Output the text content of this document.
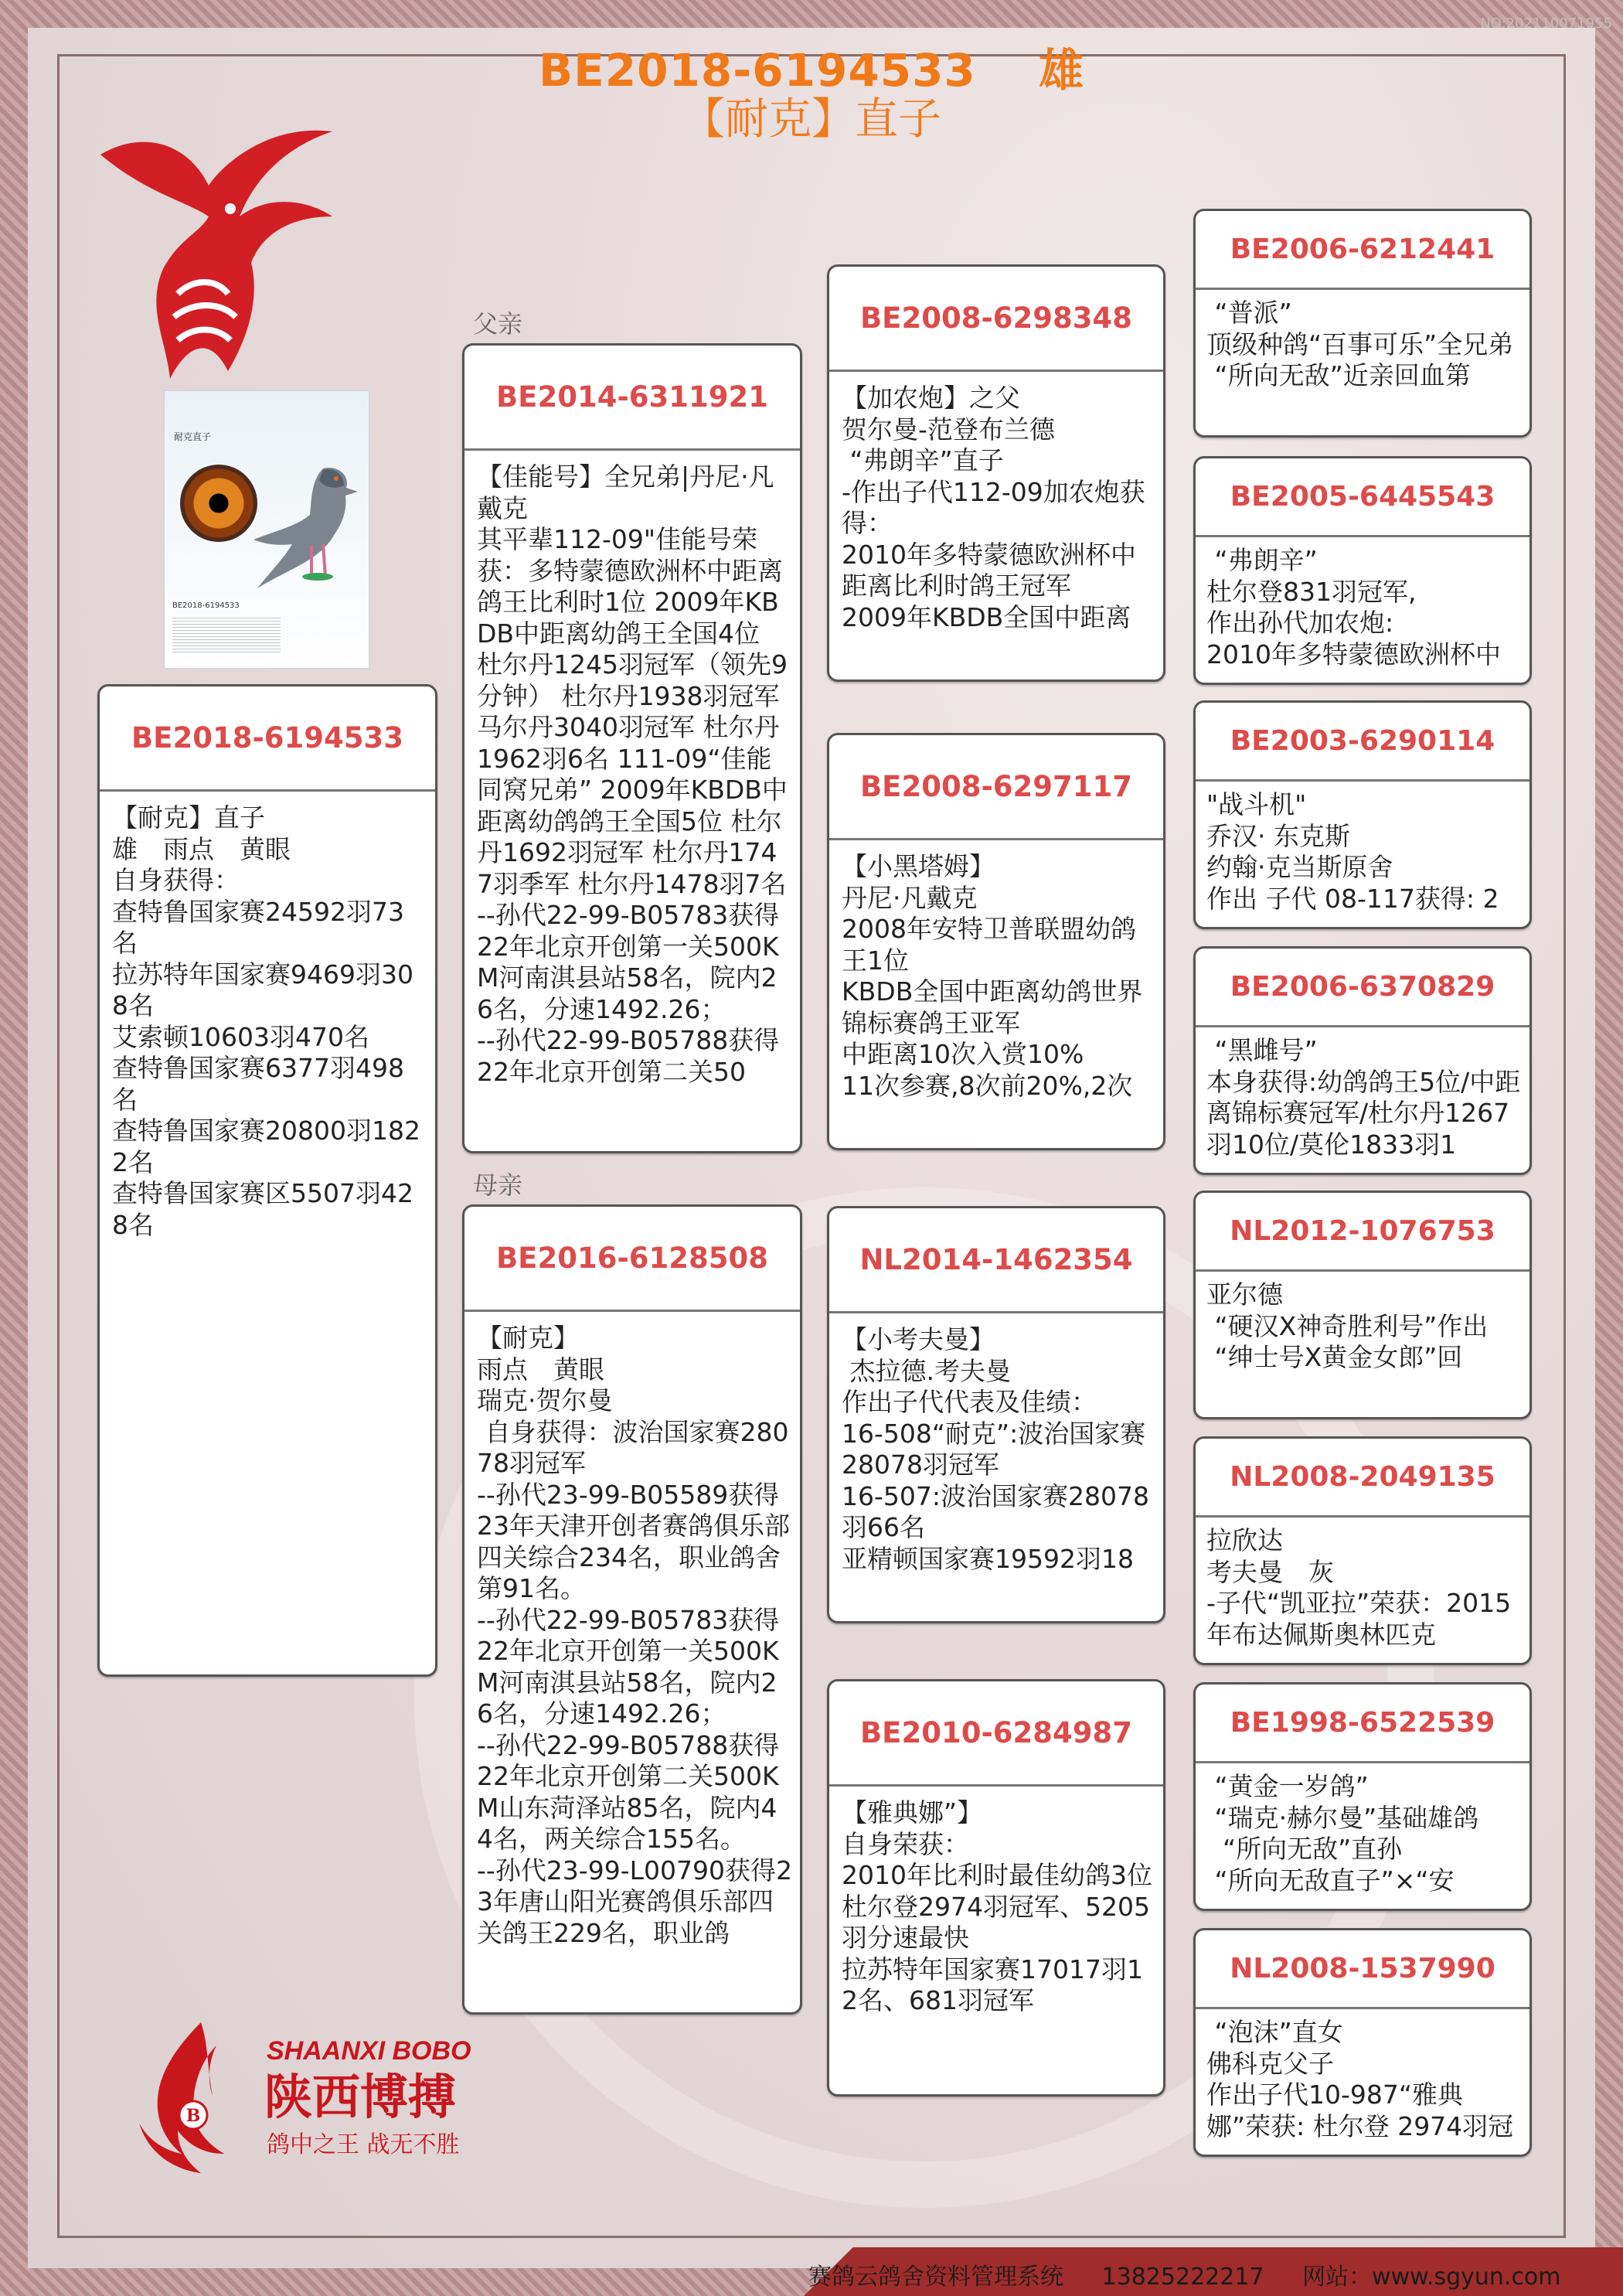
NO:202110071955
BE2018-6194533 雄
【耐克】直子
耐克直子
BE2018-6194533
父亲
母亲
BE2018-6194533
【耐克】直子
雄　雨点　黄眼
自身获得：
查特鲁国家赛24592羽73名
拉苏特年国家赛9469羽308名
艾索顿10603羽470名
查特鲁国家赛6377羽498名
查特鲁国家赛20800羽1822名
查特鲁国家赛区5507羽428名
BE2014-6311921
【佳能号】全兄弟|丹尼·凡戴克
其平辈112-09"佳能号荣获：多特蒙德欧洲杯中距离鸽王比利时1位 2009年KBDB中距离幼鸽王全国4位 杜尔丹1245羽冠军（领先9分钟） 杜尔丹1938羽冠军 马尔丹3040羽冠军 杜尔丹1962羽6名 111-09“佳能同窝兄弟” 2009年KBDB中距离幼鸽鸽王全国5位 杜尔丹1692羽冠军 杜尔丹1747羽季军 杜尔丹1478羽7名
--孙代22-99-B05783获得22年北京开创第一关500KM河南淇县站58名，院内26名，分速1492.26；
--孙代22-99-B05788获得22年北京开创第二关50
BE2016-6128508
【耐克】
雨点　黄眼
瑞克·贺尔曼
自身获得：波治国家赛28078羽冠军
--孙代23-99-B05589获得23年天津开创者赛鸽俱乐部四关综合234名，职业鸽舍第91名。
--孙代22-99-B05783获得22年北京开创第一关500KM河南淇县站58名，院内26名，分速1492.26；
--孙代22-99-B05788获得22年北京开创第二关500KM山东菏泽站85名，院内44名，两关综合155名。
--孙代23-99-L00790获得23年唐山阳光赛鸽俱乐部四关鸽王229名，职业鸽
BE2008-6298348
【加农炮】之父
贺尔曼-范登布兰德
“弗朗辛”直子
-作出子代112-09加农炮获得：
2010年多特蒙德欧洲杯中距离比利时鸽王冠军
2009年KBDB全国中距离
BE2008-6297117
【小黑塔姆】
丹尼·凡戴克
2008年安特卫普联盟幼鸽王1位
KBDB全国中距离幼鸽世界锦标赛鸽王亚军
中距离10次入赏10%
11次参赛,8次前20%,2次
NL2014-1462354
【小考夫曼】
杰拉德.考夫曼
作出子代代表及佳绩：
16-508“耐克”:波治国家赛28078羽冠军
16-507:波治国家赛28078羽66名
亚精顿国家赛19592羽18
BE2010-6284987
【雅典娜”】
自身荣获：
2010年比利时最佳幼鸽3位
杜尔登2974羽冠军、5205 羽分速最快
拉苏特年国家赛17017羽12名、681羽冠军
BE2006-6212441
“普派”
顶级种鸽“百事可乐”全兄弟
“所向无敌”近亲回血第
BE2005-6445543
“弗朗辛”
杜尔登831羽冠军,
作出孙代加农炮:
2010年多特蒙德欧洲杯中
BE2003-6290114
"战斗机"
乔汉· 东克斯
约翰·克当斯原舍
作出 子代 08-117获得: 2
BE2006-6370829
“黑雌号”
本身获得:幼鸽鸽王5位/中距离锦标赛冠军/杜尔丹1267羽10位/莫伦1833羽1
NL2012-1076753
亚尔德
“硬汉X神奇胜利号”作出
“绅士号X黄金女郎”回
NL2008-2049135
拉欣达
考夫曼　灰
-子代“凯亚拉”荣获：2015年布达佩斯奥林匹克
BE1998-6522539
“黄金一岁鸽”
“瑞克·赫尔曼”基础雄鸽
“所向无敌”直孙
“所向无敌直子”×“安
NL2008-1537990
“泡沫”直女
佛科克父子
作出子代10-987“雅典娜”荣获: 杜尔登 2974羽冠
B
SHAANXI BOBO
陕西博搏
鸽中之王 战无不胜
赛鸽云鸽舍资料管理系统 13825222217 网站：www.sgyun.com
